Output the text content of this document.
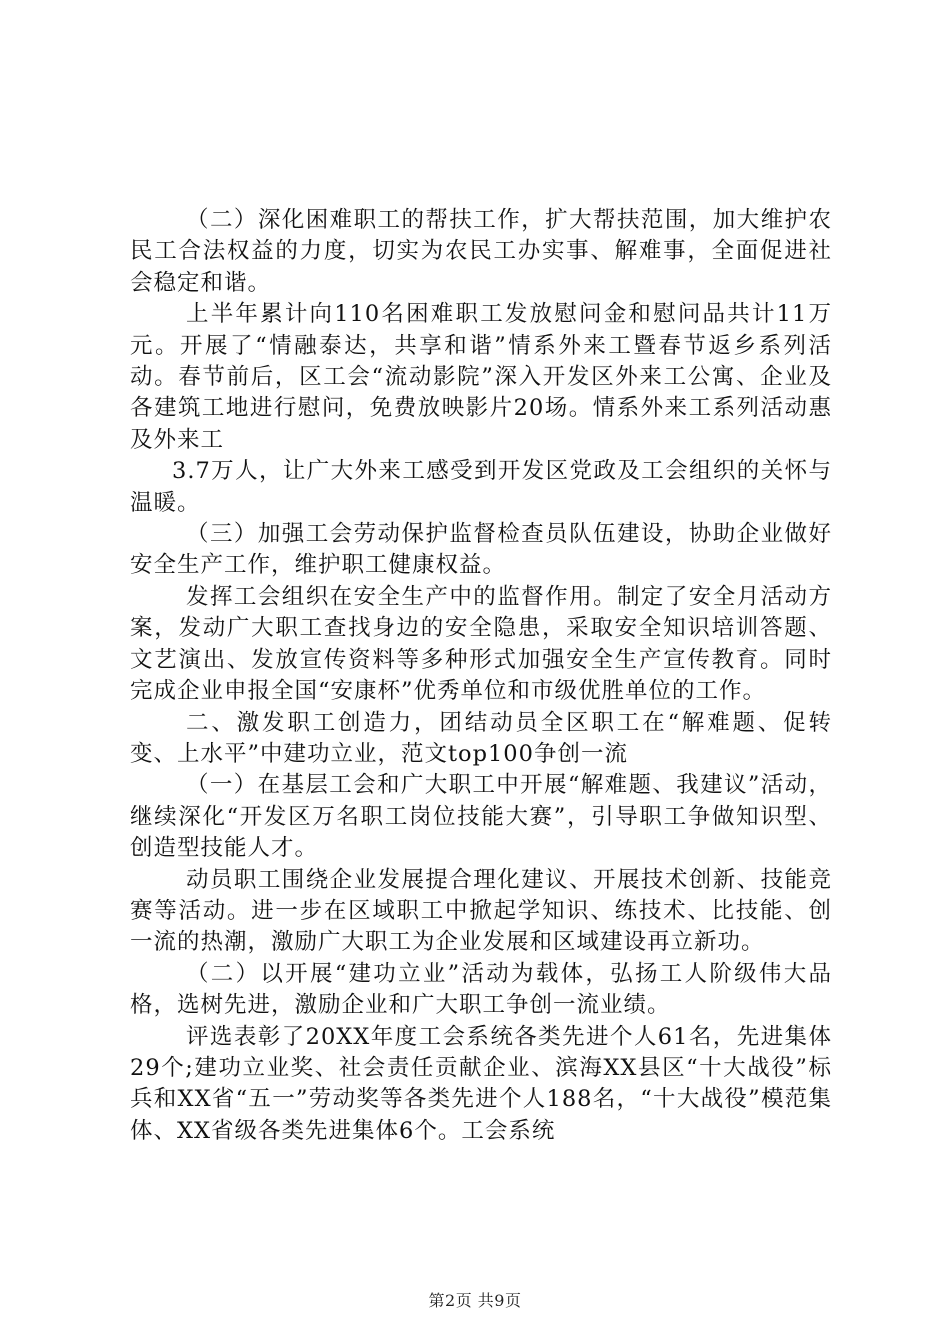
（二）深化困难职工的帮扶工作，扩大帮扶范围，加大维护农民工合法权益的力度，切实为农民工办实事、解难事，全面促进社会稳定和谐。

上半年累计向110名困难职工发放慰问金和慰问品共计11万元。开展了“情融泰达，共享和谐”情系外来工暨春节返乡系列活动。春节前后，区工会“流动影院”深入开发区外来工公寓、企业及各建筑工地进行慰问，免费放映影片20场。情系外来工系列活动惠及外来工

3.7万人，让广大外来工感受到开发区党政及工会组织的关怀与温暖。

（三）加强工会劳动保护监督检查员队伍建设，协助企业做好安全生产工作，维护职工健康权益。

发挥工会组织在安全生产中的监督作用。制定了安全月活动方案，发动广大职工查找身边的安全隐患，采取安全知识培训答题、文艺演出、发放宣传资料等多种形式加强安全生产宣传教育。同时完成企业申报全国“安康杯”优秀单位和市级优胜单位的工作。

二、激发职工创造力，团结动员全区职工在“解难题、促转变、上水平”中建功立业，范文top100争创一流

（一）在基层工会和广大职工中开展“解难题、我建议”活动，继续深化“开发区万名职工岗位技能大赛”，引导职工争做知识型、创造型技能人才。

动员职工围绕企业发展提合理化建议、开展技术创新、技能竞赛等活动。进一步在区域职工中掀起学知识、练技术、比技能、创一流的热潮，激励广大职工为企业发展和区域建设再立新功。

（二）以开展“建功立业”活动为载体，弘扬工人阶级伟大品格，选树先进，激励企业和广大职工争创一流业绩。

评选表彰了20XX年度工会系统各类先进个人61名，先进集体29个;建功立业奖、社会责任贡献企业、滨海XX县区“十大战役”标兵和XX省“五一”劳动奖等各类先进个人188名，“十大战役”模范集体、XX省级各类先进集体6个。工会系统

第2页 共9页
